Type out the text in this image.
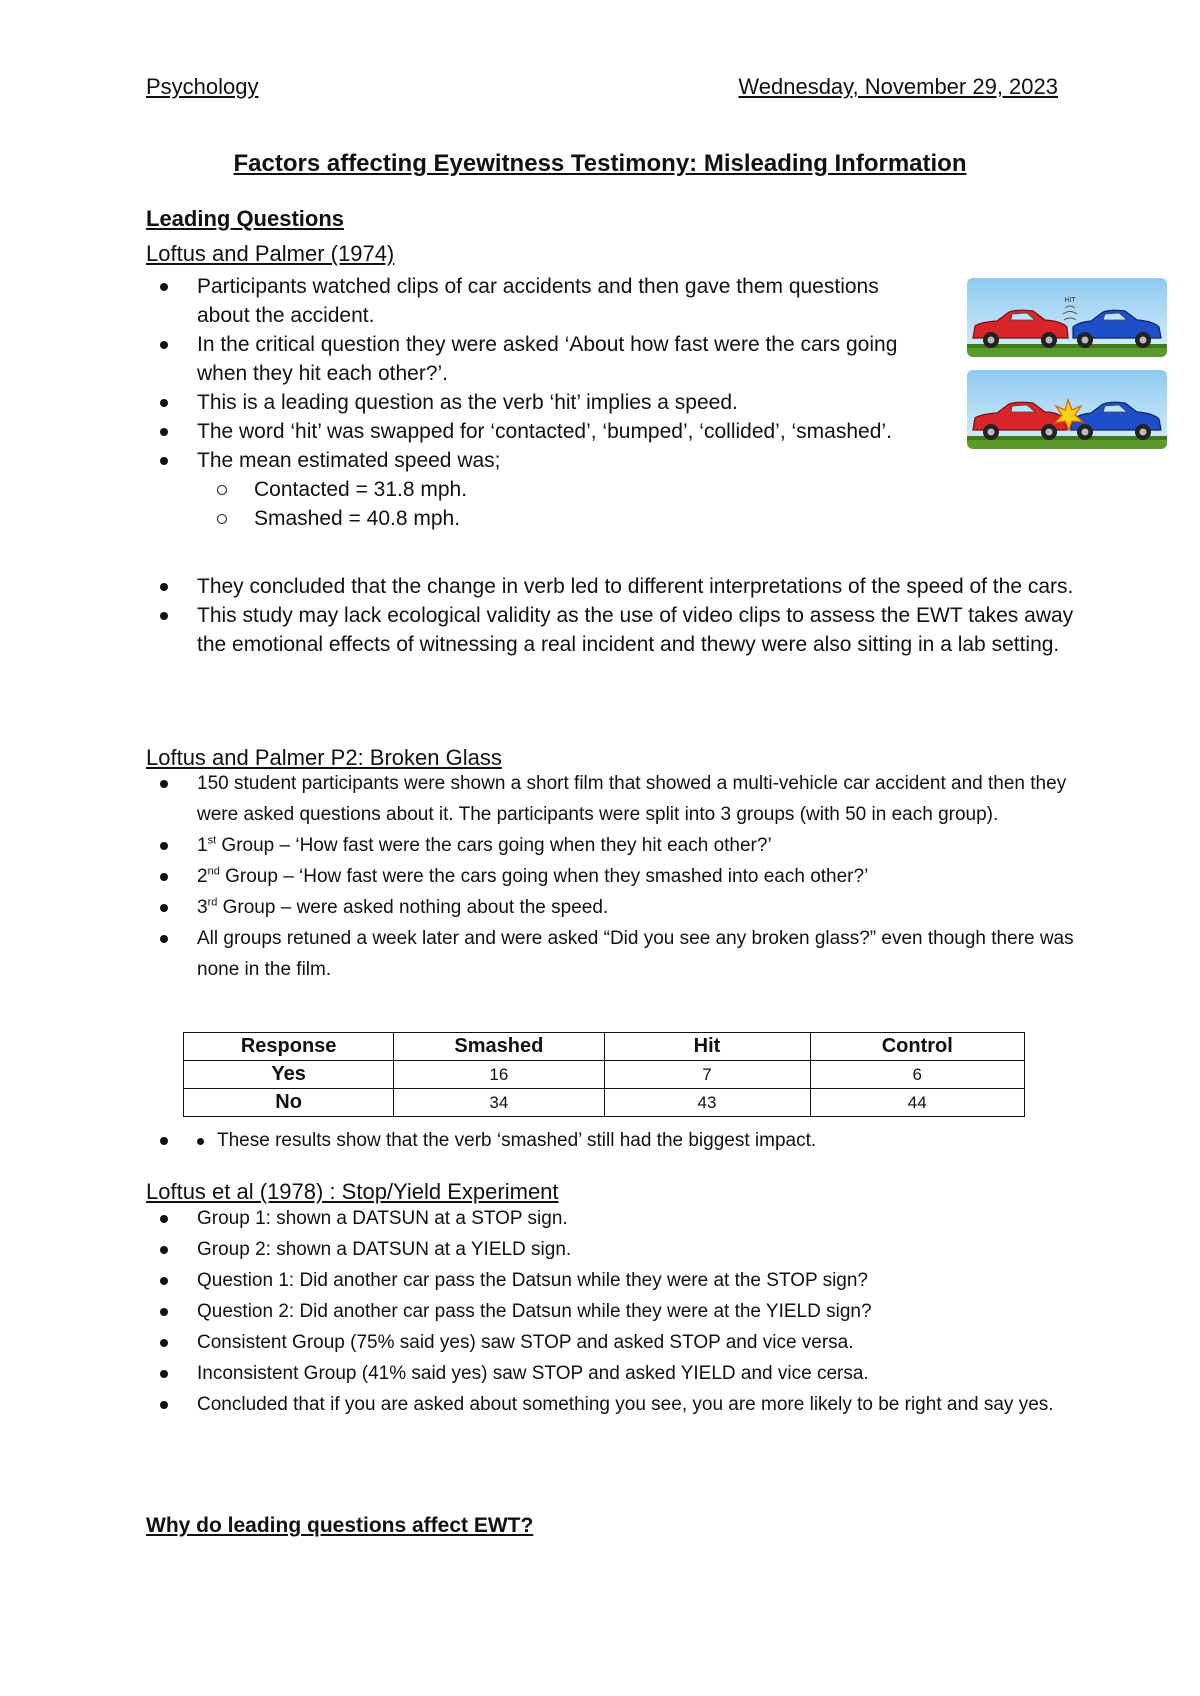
Psychology	Wednesday, November 29, 2023
Factors affecting Eyewitness Testimony: Misleading Information
Leading Questions
Loftus and Palmer (1974)
Participants watched clips of car accidents and then gave them questions about the accident.
In the critical question they were asked ‘About how fast were the cars going when they hit each other?’.
This is a leading question as the verb ‘hit’ implies a speed.
The word ‘hit’ was swapped for ‘contacted’, ‘bumped’, ‘collided’, ‘smashed’.
The mean estimated speed was;
Contacted = 31.8 mph.
Smashed = 40.8 mph.
They concluded that the change in verb led to different interpretations of the speed of the cars.
This study may lack ecological validity as the use of video clips to assess the EWT takes away the emotional effects of witnessing a real incident and thewy were also sitting in a lab setting.
HIT
Loftus and Palmer P2: Broken Glass
150 student participants were shown a short film that showed a multi-vehicle car accident and then they were asked questions about it. The participants were split into 3 groups (with 50 in each group).
1st Group – ‘How fast were the cars going when they hit each other?’
2nd Group – ‘How fast were the cars going when they smashed into each other?’
3rd Group – were asked nothing about the speed.
All groups retuned a week later and were asked “Did you see any broken glass?” even though there was none in the film.
Response	Smashed	Hit	Control
Yes	16	7	6
No	34	43	44
These results show that the verb ‘smashed’ still had the biggest impact.
Loftus et al (1978) : Stop/Yield Experiment
Group 1: shown a DATSUN at a STOP sign.
Group 2: shown a DATSUN at a YIELD sign.
Question 1: Did another car pass the Datsun while they were at the STOP sign?
Question 2: Did another car pass the Datsun while they were at the YIELD sign?
Consistent Group (75% said yes) saw STOP and asked STOP and vice versa.
Inconsistent Group (41% said yes) saw STOP and asked YIELD and vice cersa.
Concluded that if you are asked about something you see, you are more likely to be right and say yes.
Why do leading questions affect EWT?
